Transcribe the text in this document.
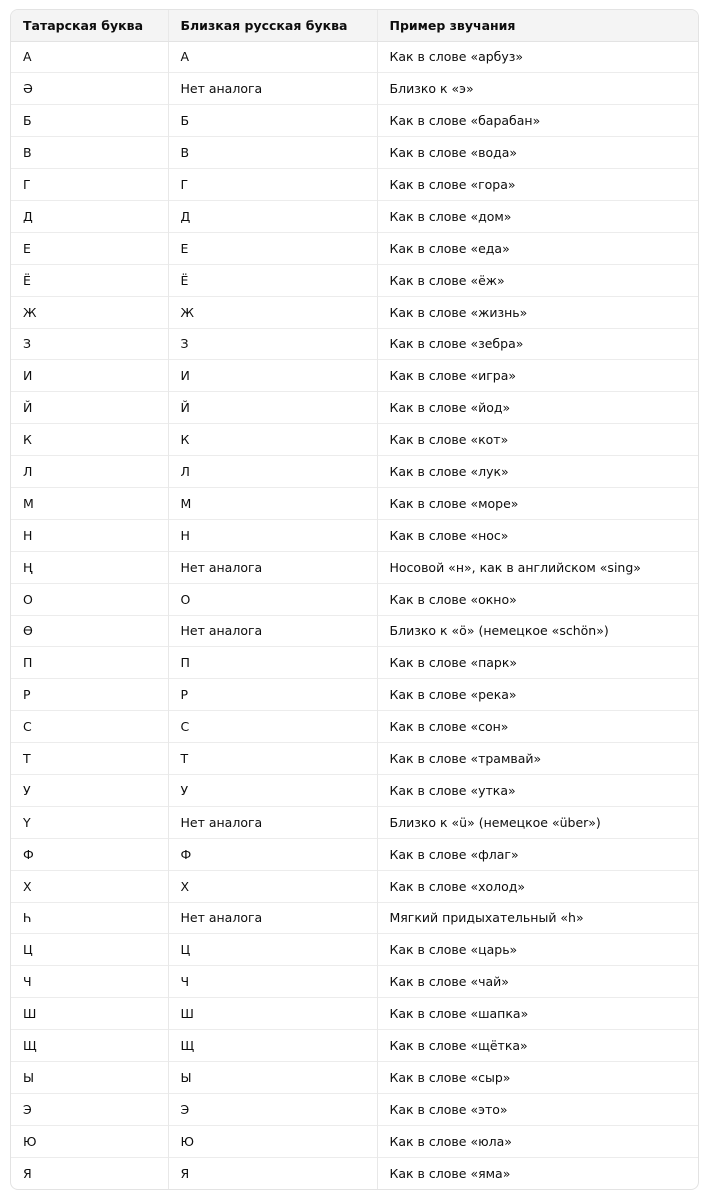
Татарская буква	Близкая русская буква	Пример звучания
А	А	Как в слове «арбуз»
Ә	Нет аналога	Близко к «э»
Б	Б	Как в слове «барабан»
В	В	Как в слове «вода»
Г	Г	Как в слове «гора»
Д	Д	Как в слове «дом»
Е	Е	Как в слове «еда»
Ё	Ё	Как в слове «ёж»
Ж	Ж	Как в слове «жизнь»
З	З	Как в слове «зебра»
И	И	Как в слове «игра»
Й	Й	Как в слове «йод»
К	К	Как в слове «кот»
Л	Л	Как в слове «лук»
М	М	Как в слове «море»
Н	Н	Как в слове «нос»
Ң	Нет аналога	Носовой «н», как в английском «sing»
О	О	Как в слове «окно»
Ө	Нет аналога	Близко к «ö» (немецкое «schön»)
П	П	Как в слове «парк»
Р	Р	Как в слове «река»
С	С	Как в слове «сон»
Т	Т	Как в слове «трамвай»
У	У	Как в слове «утка»
Ү	Нет аналога	Близко к «ü» (немецкое «über»)
Ф	Ф	Как в слове «флаг»
Х	Х	Как в слове «холод»
Һ	Нет аналога	Мягкий придыхательный «h»
Ц	Ц	Как в слове «царь»
Ч	Ч	Как в слове «чай»
Ш	Ш	Как в слове «шапка»
Щ	Щ	Как в слове «щётка»
Ы	Ы	Как в слове «сыр»
Э	Э	Как в слове «это»
Ю	Ю	Как в слове «юла»
Я	Я	Как в слове «яма»
